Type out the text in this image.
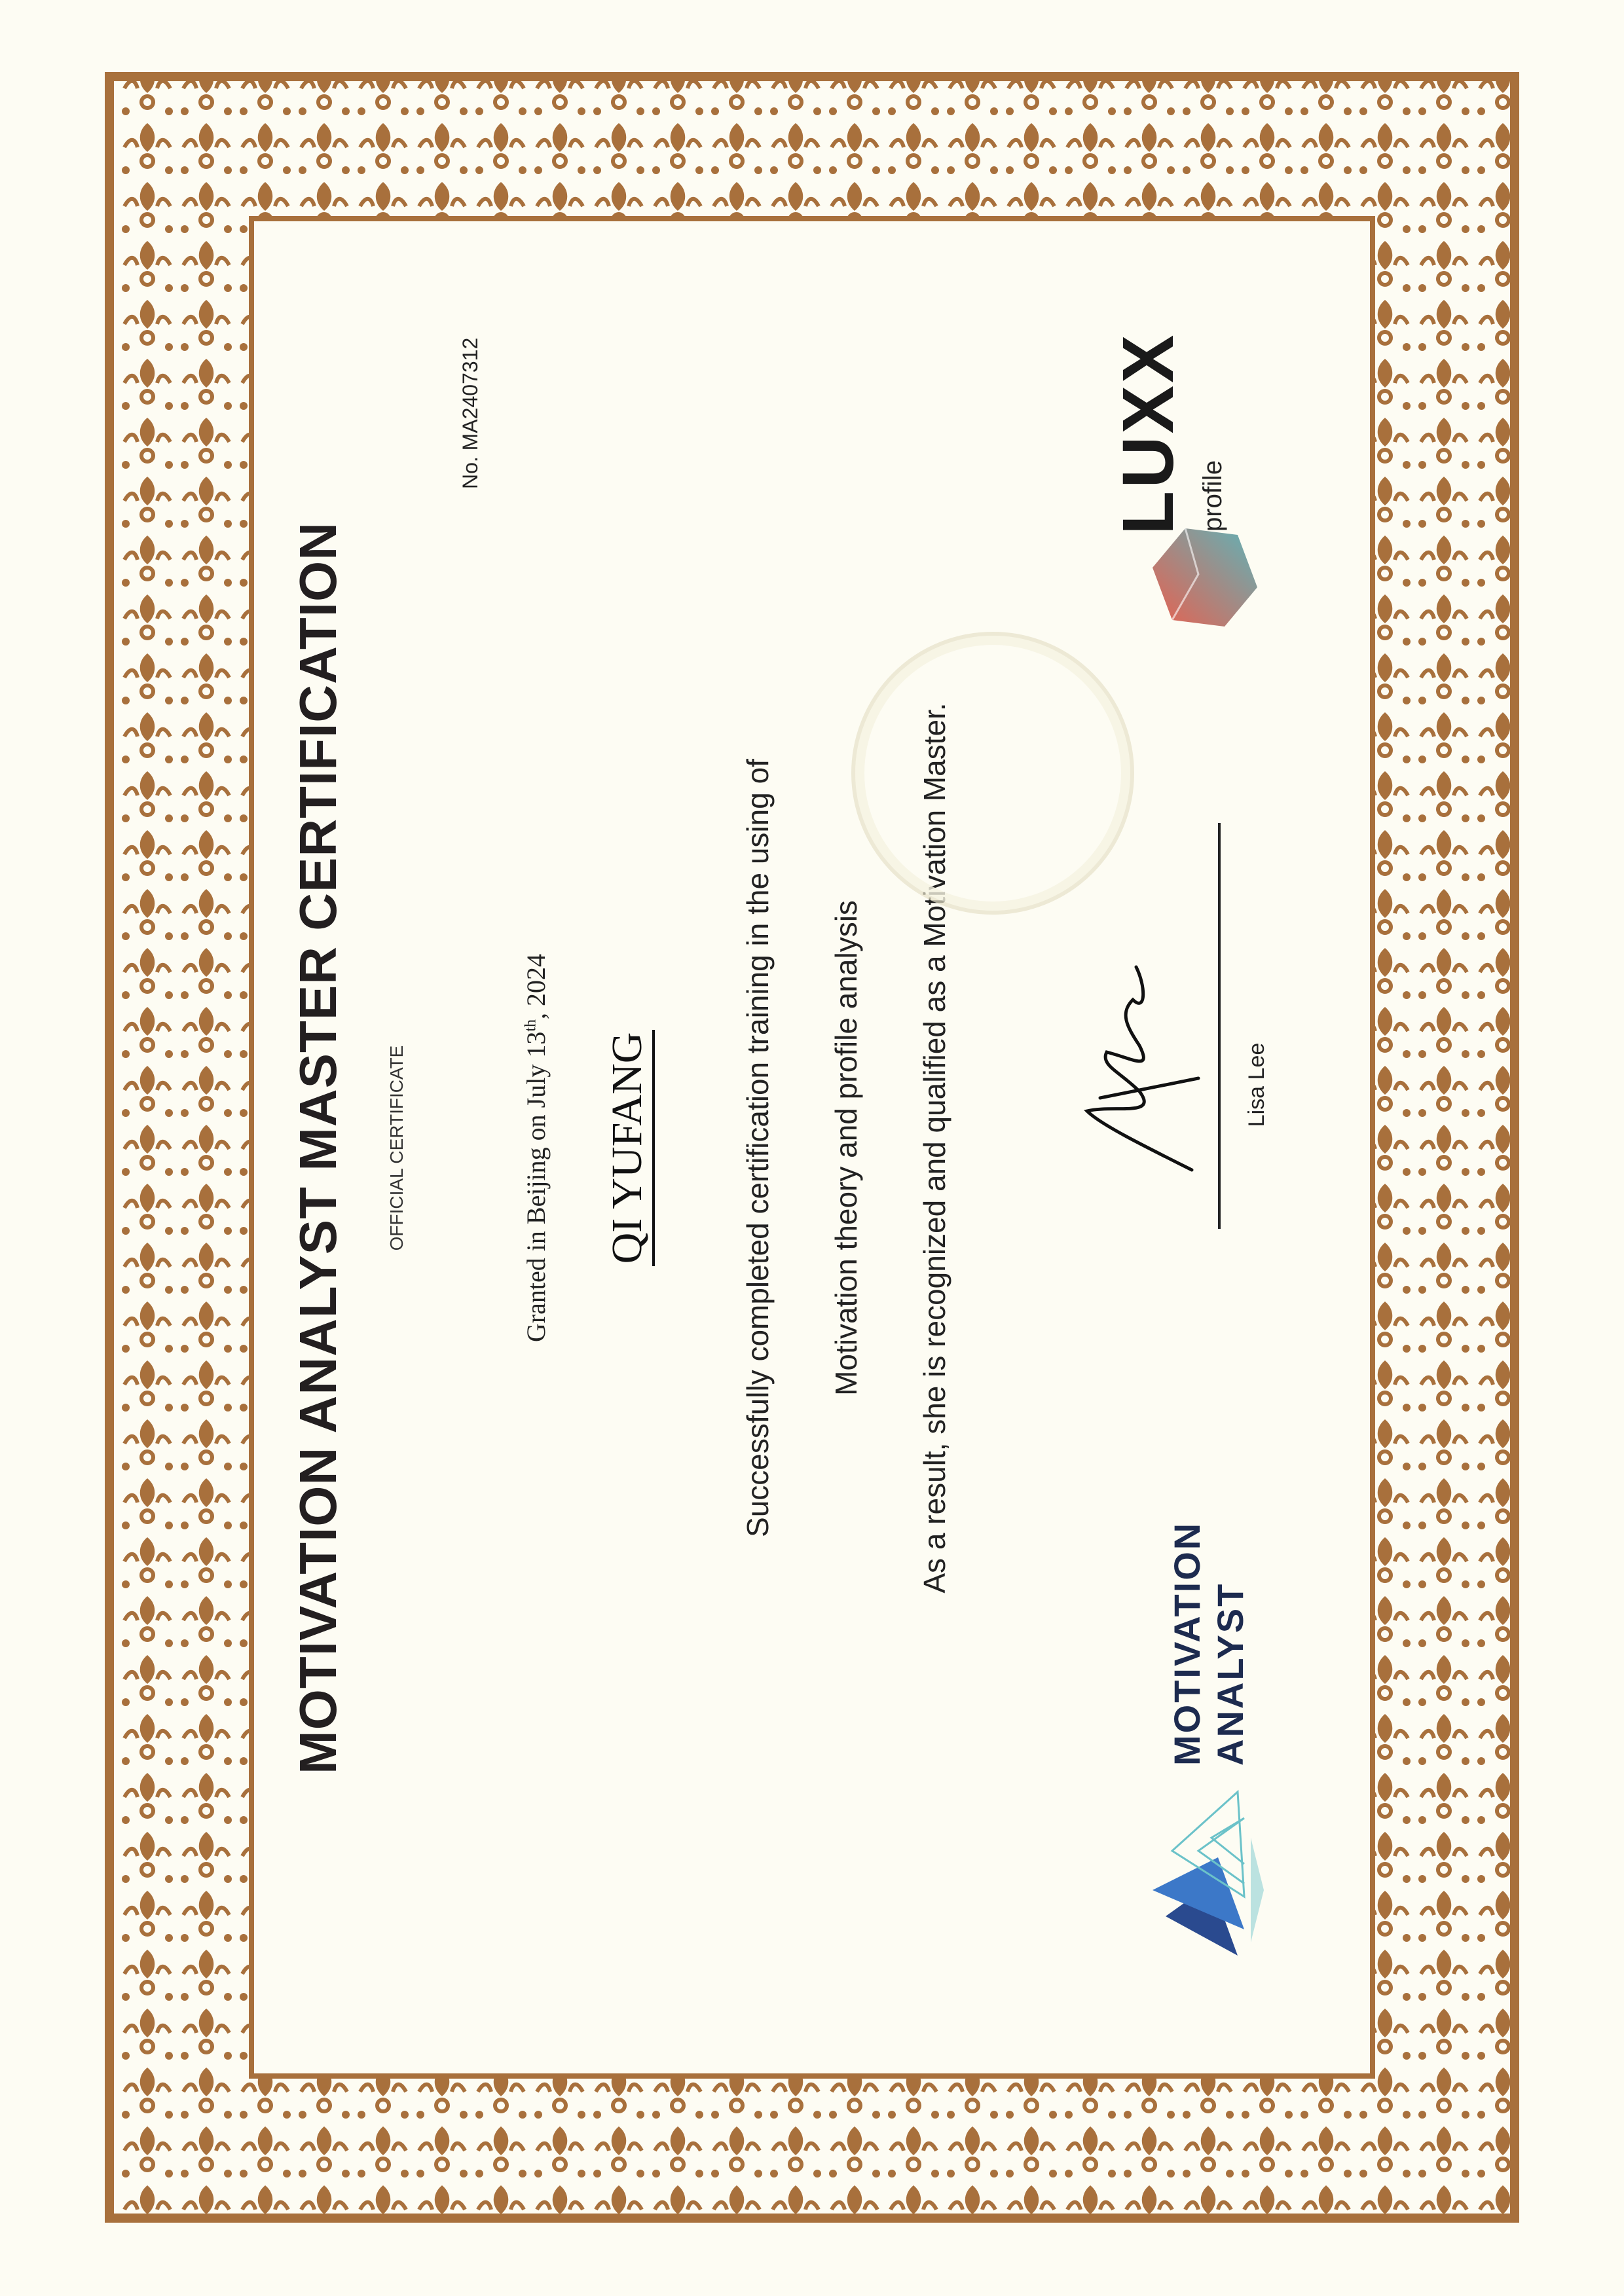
MOTIVATION ANALYST MASTER CERTIFICATION OFFICIAL CERTIFICATE
No. MA2407312
Granted in Beijing on July 13th, 2024
QI YUFANG	Successfully completed certification training in the using of Motivation theory and profile analysis As a result, she is recognized and qualified as a Motivation Master.	Lisa Lee
MOTIVATION ANALYST
LUXX profile
